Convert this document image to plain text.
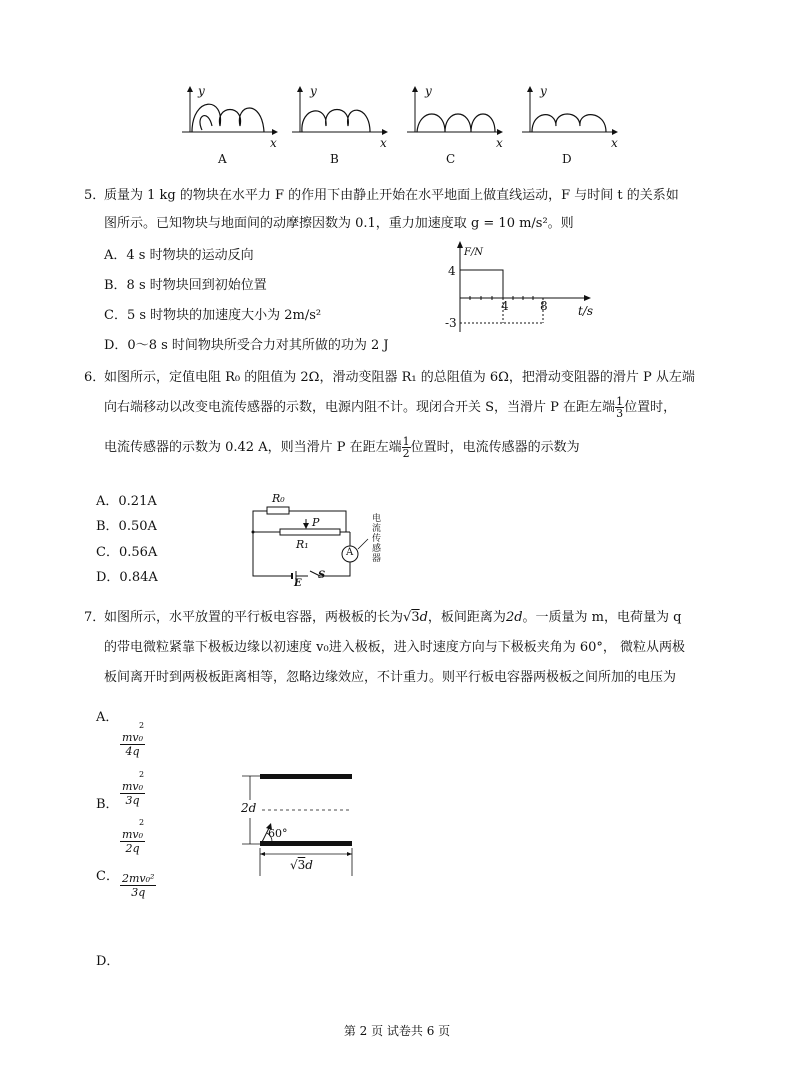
y
x
A
y
x
B
y
x
C
y
x
D
5．
质量为 1 kg 的物块在水平力 F 的作用下由静止开始在水平地面上做直线运动，F 与时间 t 的关系如
图所示。已知物块与地面间的动摩擦因数为 0.1，重力加速度取 g = 10 m/s²。则
A．4 s 时物块的运动反向
B．8 s 时物块回到初始位置
C．5 s 时物块的加速度大小为 2m/s²
D．0～8 s 时间物块所受合力对其所做的功为 2 J
F/N
4
-3
4	8	t/s
6．
如图所示，定值电阻 R₀ 的阻值为 2Ω，滑动变阻器 R₁ 的总阻值为 6Ω，把滑动变阻器的滑片 P 从左端
向右端移动以改变电流传感器的示数，电源内阻不计。现闭合开关 S，当滑片 P 在距左端 $\frac{1}{3}$ 位置时，
电流传感器的示数为 0.42 A，则当滑片 P 在距左端 $\frac{1}{2}$ 位置时，电流传感器的示数为
A．0.21A
B．0.50A
C．0.56A
D．0.84A
R₀
R₁
P
A
E
S
电流传感器
7．
如图所示，水平放置的平行板电容器，两极板的长为√3d，板间距离为2d。一质量为 m，电荷量为 q
的带电微粒紧靠下极板边缘以初速度 v₀进入极板，进入时速度方向与下极板夹角为 60°， 微粒从两极
板间离开时到两极板距离相等，忽略边缘效应，不计重力。则平行板电容器两极板之间所加的电压为
A．
B．
C．
D．
2
$\frac{\text{mv₀}}{4q}$
2
$\frac{\text{mv₀}}{3q}$
2
$\frac{\text{mv₀}}{2q}$
$\frac{\text{2mv₀²}}{3q}$
2d
60°
√3d
第 2 页 试卷共 6 页
